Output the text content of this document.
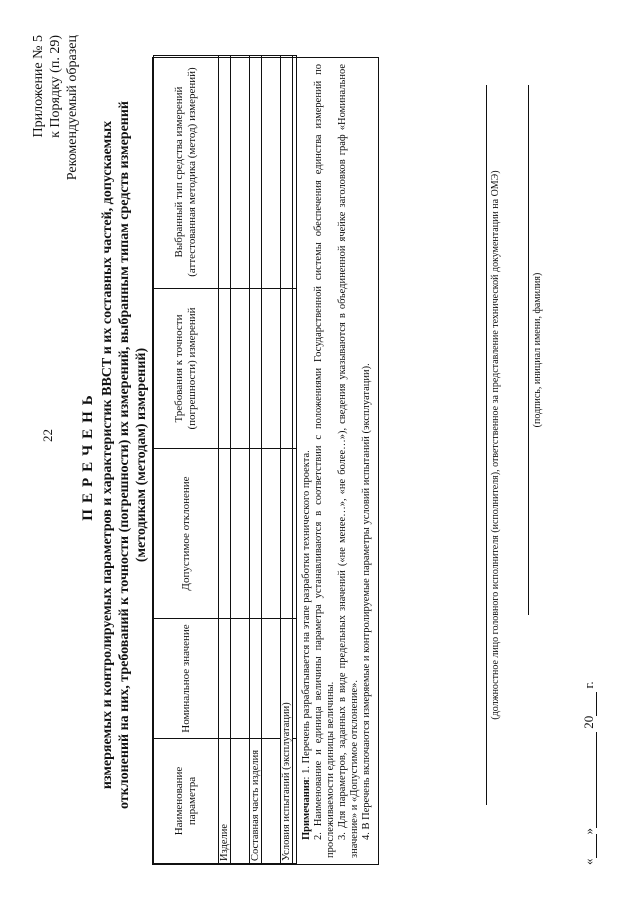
22
Приложение № 5 к Порядку (п. 29) Рекомендуемый образец
ПЕРЕЧЕНЬ измеряемых и контролируемых параметров и характеристик ВВСТ и их составных частей, допускаемых отклонений на них, требований к точности (погрешности) их измерений, выбранным типам средств измерений (методикам (методам) измерений)
Наименование параметра	Номинальное значение	Допустимое отклонение	Требования к точности (погрешности) измерений	Выбранный тип средства измерений (аттестованная методика (метод) измерений)
Изделие				

Составная часть изделия				

Условия испытаний (эксплуатации)				
				Примечания: 1. Перечень разрабатывается на этапе разработки технического проекта. 2. Наименование и единица величины параметра устанавливаются в соответствии с положениями Государственной системы обеспечения единства измерений по прослеживаемости единицы величины. 3. Для параметров, заданных в виде предельных значений («не менее…», «не более…»), сведения указываются в объединенной ячейке заголовков граф «Номинальное значение» и «Допустимое отклонение». 4. В Перечень включаются измеряемые и контролируемые параметры условий испытаний (эксплуатации).	(должностное лицо головного исполнителя (исполнителя), ответственное за представление технической документации на ОМЭ)	(подпись, инициал имени, фамилия)
« »  20  г.
